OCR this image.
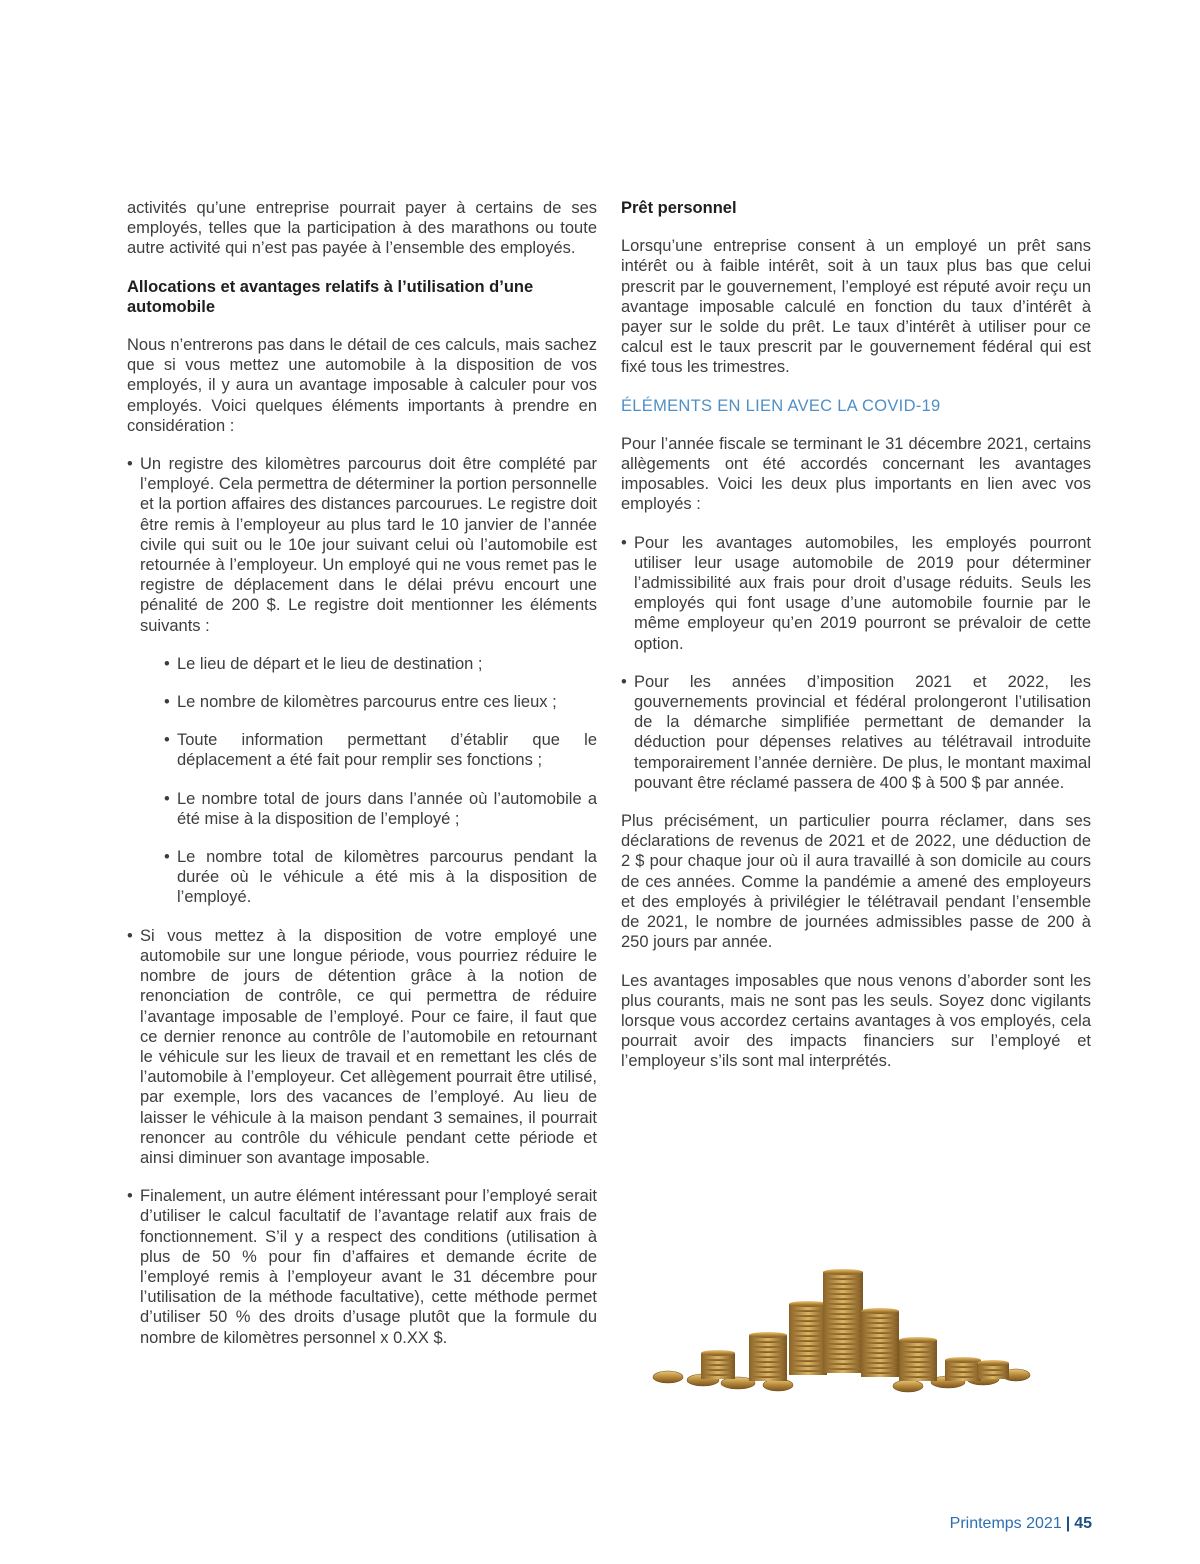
activités qu’une entreprise pourrait payer à certains de ses employés, telles que la participation à des marathons ou toute autre activité qui n’est pas payée à l’ensemble des employés.

Allocations et avantages relatifs à l’utilisation d’une automobile

Nous n’entrerons pas dans le détail de ces calculs, mais sachez que si vous mettez une automobile à la disposition de vos employés, il y aura un avantage imposable à calculer pour vos employés. Voici quelques éléments importants à prendre en considération :

• Un registre des kilomètres parcourus doit être complété par l’employé. Cela permettra de déterminer la portion personnelle et la portion affaires des distances parcourues. Le registre doit être remis à l’employeur au plus tard le 10 janvier de l’année civile qui suit ou le 10e jour suivant celui où l’automobile est retournée à l’employeur. Un employé qui ne vous remet pas le registre de déplacement dans le délai prévu encourt une pénalité de 200 $. Le registre doit mentionner les éléments suivants :
• Le lieu de départ et le lieu de destination ;
• Le nombre de kilomètres parcourus entre ces lieux ;
• Toute information permettant d’établir que le déplacement a été fait pour remplir ses fonctions ;
• Le nombre total de jours dans l’année où l’automobile a été mise à la disposition de l’employé ;
• Le nombre total de kilomètres parcourus pendant la durée où le véhicule a été mis à la disposition de l’employé.
• Si vous mettez à la disposition de votre employé une automobile sur une longue période, vous pourriez réduire le nombre de jours de détention grâce à la notion de renonciation de contrôle, ce qui permettra de réduire l’avantage imposable de l’employé. Pour ce faire, il faut que ce dernier renonce au contrôle de l’automobile en retournant le véhicule sur les lieux de travail et en remettant les clés de l’automobile à l’employeur. Cet allègement pourrait être utilisé, par exemple, lors des vacances de l’employé. Au lieu de laisser le véhicule à la maison pendant 3 semaines, il pourrait renoncer au contrôle du véhicule pendant cette période et ainsi diminuer son avantage imposable.
• Finalement, un autre élément intéressant pour l’employé serait d’utiliser le calcul facultatif de l’avantage relatif aux frais de fonctionnement. S’il y a respect des conditions (utilisation à plus de 50 % pour fin d’affaires et demande écrite de l’employé remis à l’employeur avant le 31 décembre pour l’utilisation de la méthode facultative), cette méthode permet d’utiliser 50 % des droits d’usage plutôt que la formule du nombre de kilomètres personnel x 0.XX $.

Prêt personnel

Lorsqu’une entreprise consent à un employé un prêt sans intérêt ou à faible intérêt, soit à un taux plus bas que celui prescrit par le gouvernement, l’employé est réputé avoir reçu un avantage imposable calculé en fonction du taux d’intérêt à payer sur le solde du prêt. Le taux d’intérêt à utiliser pour ce calcul est le taux prescrit par le gouvernement fédéral qui est fixé tous les trimestres.

ÉLÉMENTS EN LIEN AVEC LA COVID-19

Pour l’année fiscale se terminant le 31 décembre 2021, certains allègements ont été accordés concernant les avantages imposables. Voici les deux plus importants en lien avec vos employés :

• Pour les avantages automobiles, les employés pourront utiliser leur usage automobile de 2019 pour déterminer l’admissibilité aux frais pour droit d’usage réduits. Seuls les employés qui font usage d’une automobile fournie par le même employeur qu’en 2019 pourront se prévaloir de cette option.
• Pour les années d’imposition 2021 et 2022, les gouvernements provincial et fédéral prolongeront l’utilisation de la démarche simplifiée permettant de demander la déduction pour dépenses relatives au télétravail introduite temporairement l’année dernière. De plus, le montant maximal pouvant être réclamé passera de 400 $ à 500 $ par année.

Plus précisément, un particulier pourra réclamer, dans ses déclarations de revenus de 2021 et de 2022, une déduction de 2 $ pour chaque jour où il aura travaillé à son domicile au cours de ces années. Comme la pandémie a amené des employeurs et des employés à privilégier le télétravail pendant l’ensemble de 2021, le nombre de journées admissibles passe de 200 à 250 jours par année.

Les avantages imposables que nous venons d’aborder sont les plus courants, mais ne sont pas les seuls. Soyez donc vigilants lorsque vous accordez certains avantages à vos employés, cela pourrait avoir des impacts financiers sur l’employé et l’employeur s’ils sont mal interprétés.

Printemps 2021 | 45
